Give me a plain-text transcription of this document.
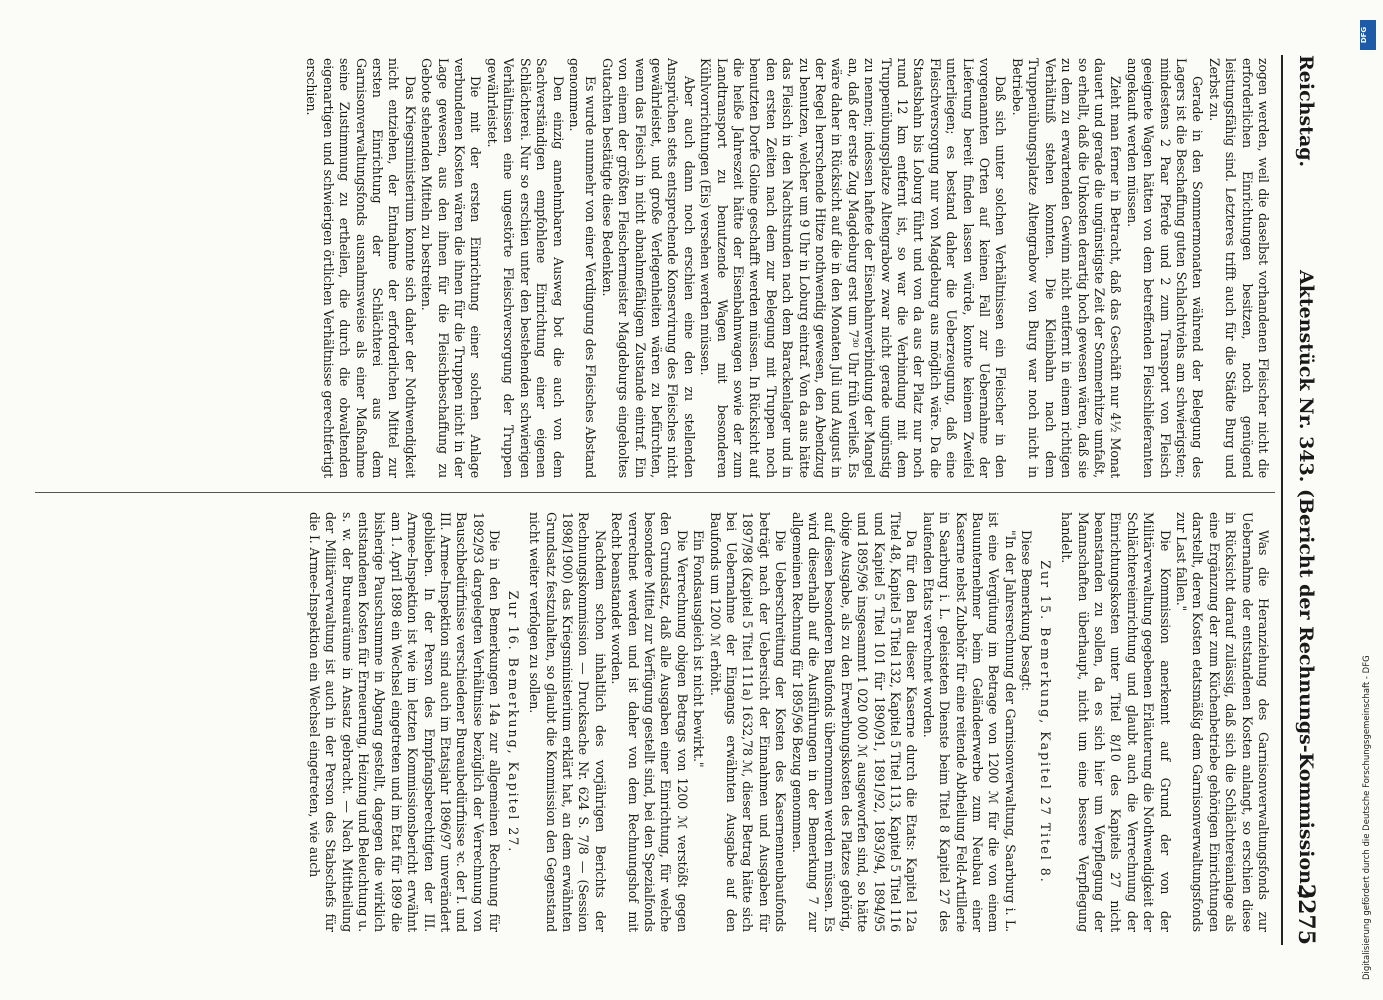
Reichstag.
Aktenstück Nr. 343. (Bericht der Rechnungs-Kommission.)
2275

zogen werden, weil die daselbst vorhandenen Fleischer nicht die erforderlichen Einrichtungen besitzen, noch genügend leistungsfähig sind. Letzteres trifft auch für die Städte Burg und Zerbst zu.

Gerade in den Sommermonaten während der Belegung des Lagers ist die Beschaffung guten Schlachtviehs am schwierigsten; mindestens 2 Paar Pferde und 2 zum Transport von Fleisch geeignete Wagen hätten von dem betreffenden Fleischlieferanten angekauft werden müssen.

Zieht man ferner in Betracht, daß das Geschäft nur 4½ Monat dauert und gerade die ungünstigste Zeit der Sommerhitze umfaßt, so erhellt, daß die Unkosten derartig hoch gewesen wären, daß sie zu dem zu erwartenden Gewinn nicht entfernt in einem richtigen Verhältniß stehen konnten. Die Kleinbahn nach dem Truppenübungsplatze Altengrabow von Burg war noch nicht in Betriebe.

Daß sich unter solchen Verhältnissen ein Fleischer in den vorgenannten Orten auf keinen Fall zur Uebernahme der Lieferung bereit finden lassen würde, konnte keinem Zweifel unterliegen; es bestand daher die Ueberzeugung, daß eine Fleischversorgung nur von Magdeburg aus möglich wäre. Da die Staatsbahn bis Loburg führt und von da aus der Platz nur noch rund 12 km entfernt ist, so war die Verbindung mit dem Truppenübungsplatze Altengrabow zwar nicht gerade ungünstig zu nennen; indessen haftete der Eisenbahnverbindung der Mangel an, daß der erste Zug Magdeburg erst um 7³⁰ Uhr früh verließ. Es wäre daher in Rücksicht auf die in den Monaten Juli und August in der Regel herrschende Hitze nothwendig gewesen, den Abendzug zu benutzen, welcher um 9 Uhr in Loburg eintraf. Von da aus hätte das Fleisch in den Nachtstunden nach dem Barackenlager und in den ersten Zeiten nach dem zur Belegung mit Truppen noch benutzten Dorfe Gloine geschafft werden müssen. In Rücksicht auf die heiße Jahreszeit hätte der Eisenbahnwagen sowie der zum Landtransport zu benutzende Wagen mit besonderen Kühlvorrichtungen (Eis) versehen werden müssen.

Aber auch dann noch erschien eine den zu stellenden Ansprüchen stets entsprechende Konservirung des Fleisches nicht gewährleistet, und große Verlegenheiten wären zu befürchten, wenn das Fleisch in nicht abnahmefähigem Zustande eintraf. Ein von einem der größten Fleischermeister Magdeburgs eingeholtes Gutachten bestätigte diese Bedenken.

Es wurde nunmehr von einer Verdingung des Fleisches Abstand genommen.

Den einzig annehmbaren Ausweg bot die auch von dem Sachverständigen empfohlene Einrichtung einer eigenen Schlächterei. Nur so erschien unter den bestehenden schwierigen Verhältnissen eine ungestörte Fleischversorgung der Truppen gewährleistet.

Die mit der ersten Einrichtung einer solchen Anlage verbundenen Kosten wären die ihnen für die Truppen nicht in der Lage gewesen, aus den ihnen für die Fleischbeschaffung zu Gebote stehenden Mitteln zu bestreiten.

Das Kriegsministerium konnte sich daher der Nothwendigkeit nicht entziehen, der Entnahme der erforderlichen Mittel zur ersten Einrichtung der Schlächterei aus dem Garnisonverwaltungsfonds ausnahmsweise als einer Maßnahme seine Zustimmung zu ertheilen, die durch die obwaltenden eigenartigen und schwierigen örtlichen Verhältnisse gerechtfertigt erschien.

Was die Heranziehung des Garnisonverwaltungsfonds zur Uebernahme der entstandenen Kosten anlangt, so erschien diese in Rücksicht darauf zulässig, daß sich die Schlächtereianlage als eine Ergänzung der zum Küchenbetriebe gehörigen Einrichtungen darstellt, deren Kosten etatsmäßig dem Garnisonverwaltungsfonds zur Last fallen."

Die Kommission anerkennt auf Grund der von der Militärverwaltung gegebenen Erläuterung die Nothwendigkeit der Schlächtereieinrichtung und glaubt auch die Verrechnung der Einrichtungskosten unter Titel 8/10 des Kapitels 27 nicht beanstanden zu sollen, da es sich hier um Verpflegung der Mannschaften überhaupt, nicht um eine bessere Verpflegung handelt.

Zur 15. Bemerkung, Kapitel 27 Titel 8.

Diese Bemerkung besagt:

"In der Jahresrechnung der Garnisonverwaltung, Saarburg i. L. ist eine Vergütung im Betrage von 1200 ℳ für die von einem Bauunternehmer beim Geländeerwerbe zum Neubau einer Kaserne nebst Zubehör für eine reitende Abtheilung Feld-Artillerie in Saarburg i. L. geleisteten Dienste beim Titel 8 Kapitel 27 des laufenden Etats verrechnet worden.

Da für den Bau dieser Kaserne durch die Etats: Kapitel 12a Titel 48, Kapitel 5 Titel 132, Kapitel 5 Titel 113, Kapitel 5 Titel 116 und Kapitel 5 Titel 101 für 1890/91, 1891/92, 1893/94, 1894/95 und 1895/96 insgesammt 1 020 000 ℳ ausgeworfen sind, so hätte obige Ausgabe, als zu den Erwerbungskosten des Platzes gehörig, auf diesen besonderen Baufonds übernommen werden müssen. Es wird dieserhalb auf die Ausführungen in der Bemerkung 7 zur allgemeinen Rechnung für 1895/96 Bezug genommen.

Die Ueberschreitung der Kosten des Kasernenneubaufonds beträgt nach der Uebersicht der Einnahmen und Ausgaben für 1897/98 (Kapitel 5 Titel 111a) 1632,78 ℳ, dieser Betrag hätte sich bei Uebernahme der Eingangs erwähnten Ausgabe auf den Baufonds um 1200 ℳ erhöht.

Ein Fondsausgleich ist nicht bewirkt."

Die Verrechnung obigen Betrags von 1200 ℳ verstößt gegen den Grundsatz, daß alle Ausgaben einer Einrichtung, für welche besondere Mittel zur Verfügung gestellt sind, bei den Spezialfonds verrechnet werden und ist daher von dem Rechnungshof mit Recht beanstandet worden.

Nachdem schon inhaltlich des vorjährigen Berichts der Rechnungskommission — Drucksache Nr. 624 S. 7/8 — (Session 1898/1900) das Kriegsministerium erklärt hat, an dem erwähnten Grundsatz festzuhalten, so glaubt die Kommission den Gegenstand nicht weiter verfolgen zu sollen.

Zur 16. Bemerkung, Kapitel 27.

Die in den Bemerkungen 14a zur allgemeinen Rechnung für 1892/93 dargelegten Verhältnisse bezüglich der Verrechnung von Bauschbedürfnisse verschiedener Bureaubedürfnisse ꝛc. der I. und III. Armee-Inspektion sind auch im Etatsjahr 1896/97 unverändert geblieben. In der Person des Empfangsberechtigten der III. Armee-Inspektion ist wie im letzten Kommissionsbericht erwähnt am 1. April 1898 ein Wechsel eingetreten und im Etat für 1899 die bisherige Pauschsumme in Abgang gestellt, dagegen die wirklich entstandenen Kosten für Erneuerung, Heizung und Beleuchtung u. s. w. der Bureauräume in Ansatz gebracht. — Nach Mittheilung der Militärverwaltung ist auch in der Person des Stabschefs für die I. Armee-Inspektion ein Wechsel eingetreten, wie auch	Digitalisierung gefördert durch die Deutsche Forschungsgemeinschaft - DFG
DFG
